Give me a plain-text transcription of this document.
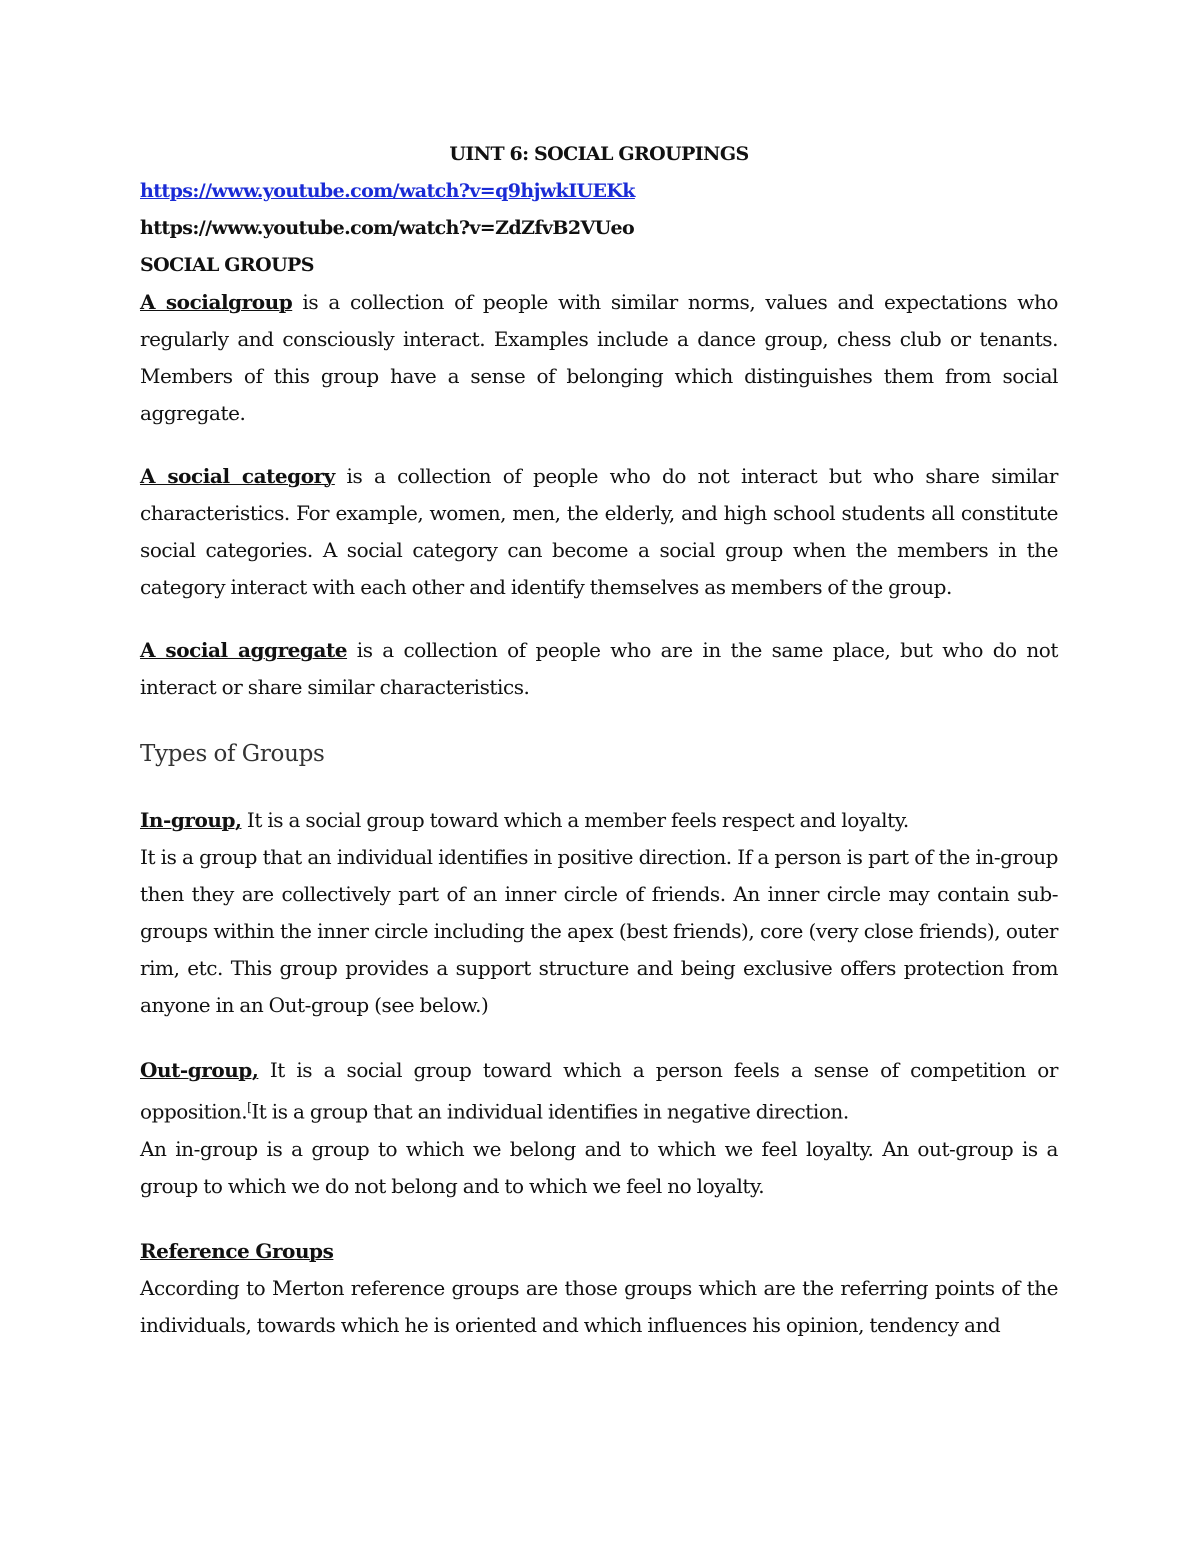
UINT 6: SOCIAL GROUPINGS

https://www.youtube.com/watch?v=q9hjwkIUEKk

https://www.youtube.com/watch?v=ZdZfvB2VUeo

SOCIAL GROUPS

A socialgroup is a collection of people with similar norms, values and expectations who regularly and consciously interact. Examples include a dance group, chess club or tenants. Members of this group have a sense of belonging which distinguishes them from social aggregate.

A social category is a collection of people who do not interact but who share similar characteristics. For example, women, men, the elderly, and high school students all constitute social categories. A social category can become a social group when the members in the category interact with each other and identify themselves as members of the group.

A social aggregate is a collection of people who are in the same place, but who do not interact or share similar characteristics.

Types of Groups

In-group, It is a social group toward which a member feels respect and loyalty.

It is a group that an individual identifies in positive direction. If a person is part of the in-group then they are collectively part of an inner circle of friends. An inner circle may contain sub-groups within the inner circle including the apex (best friends), core (very close friends), outer rim, etc. This group provides a support structure and being exclusive offers protection from anyone in an Out-group (see below.)

Out-group, It is a social group toward which a person feels a sense of competition or opposition.[It is a group that an individual identifies in negative direction.

An in-group is a group to which we belong and to which we feel loyalty. An out-group is a group to which we do not belong and to which we feel no loyalty.

Reference Groups

According to Merton reference groups are those groups which are the referring points of the individuals, towards which he is oriented and which influences his opinion, tendency and
